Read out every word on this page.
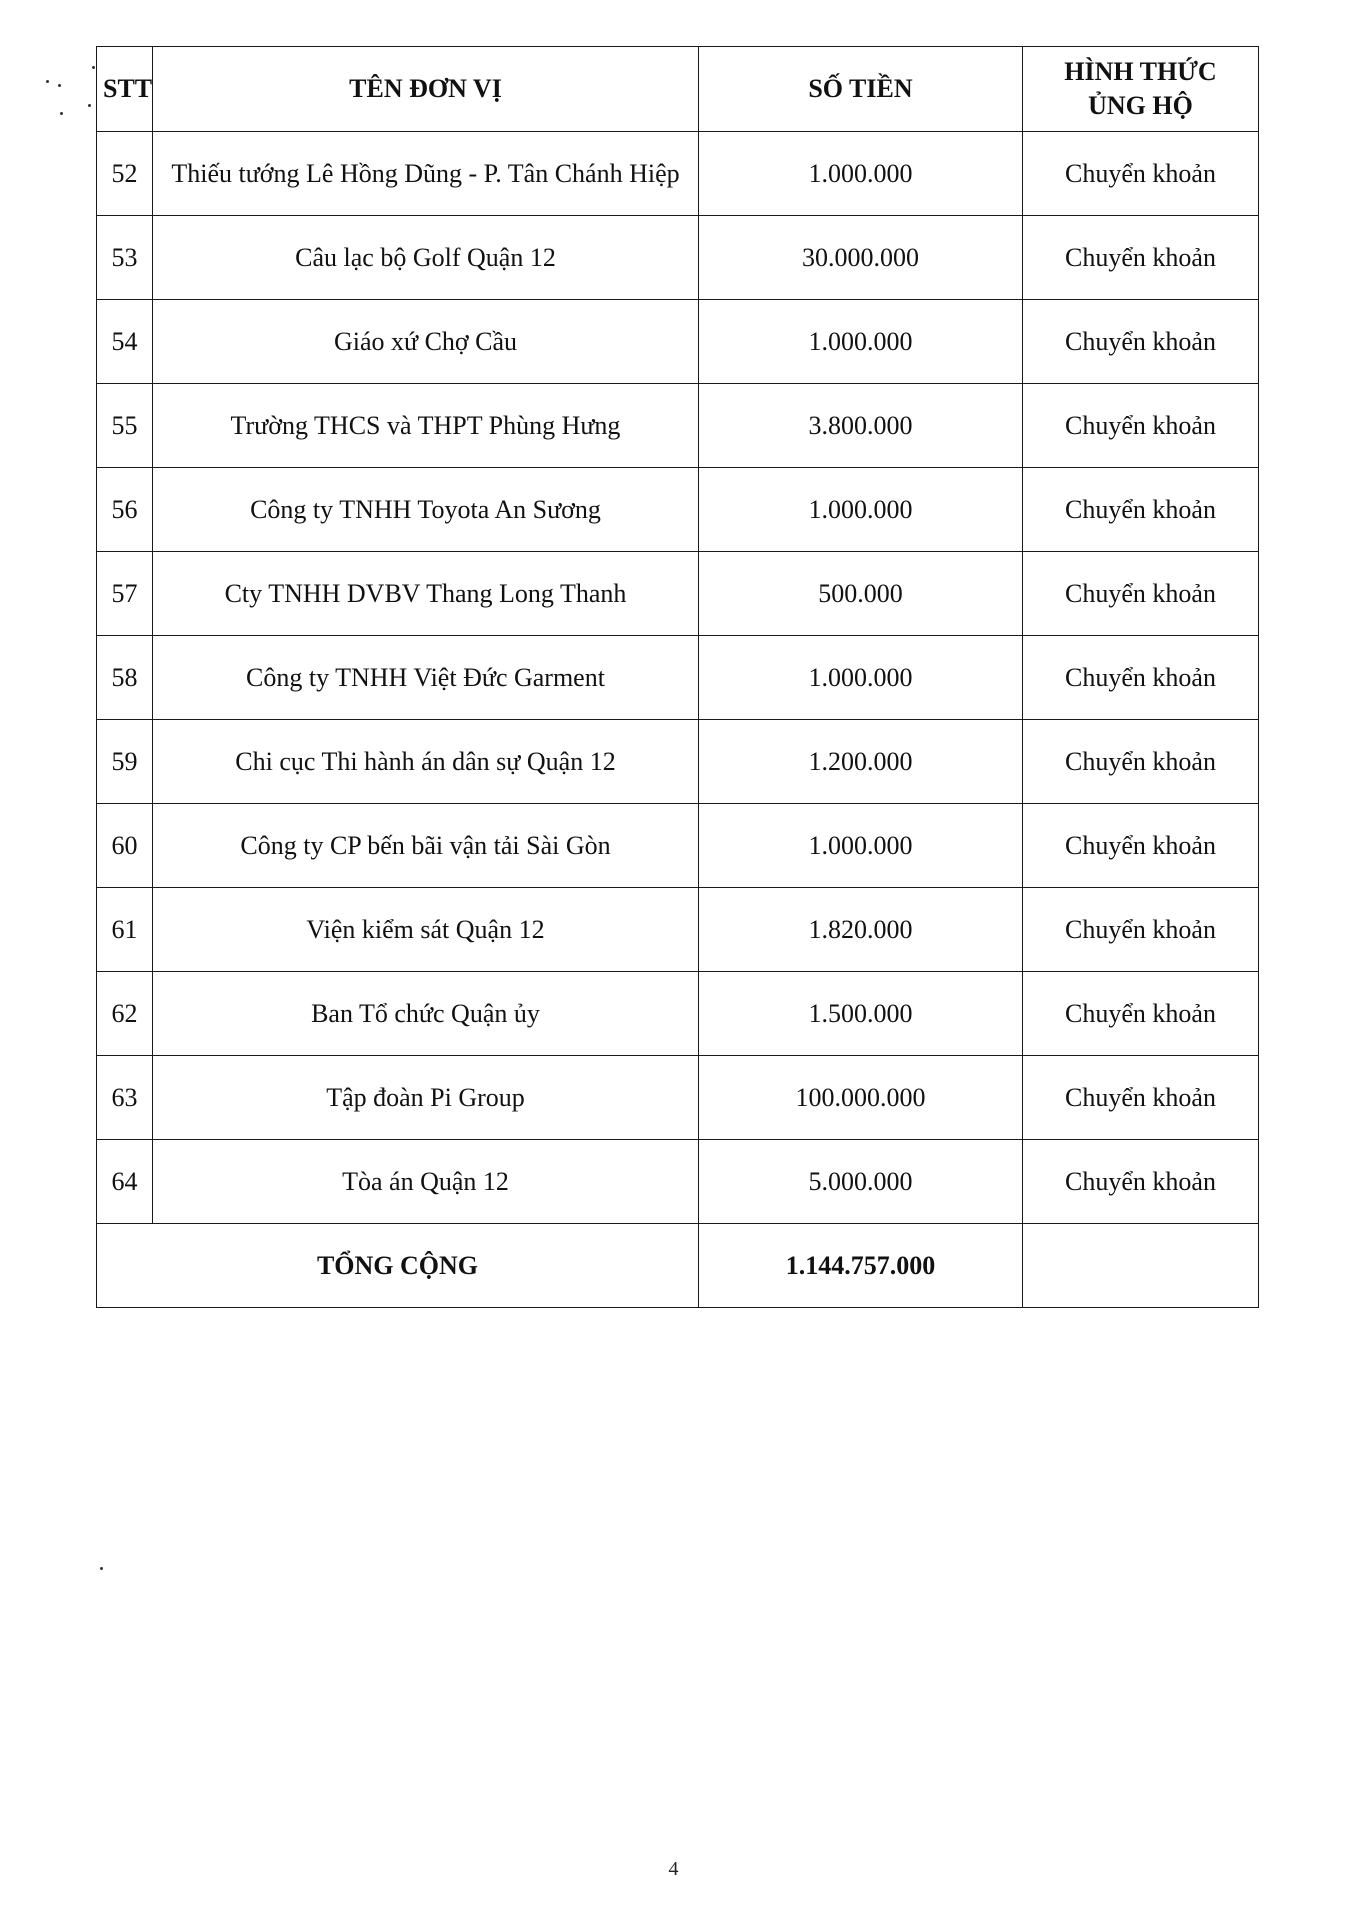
STT	TÊN ĐƠN VỊ	SỐ TIỀN	HÌNH THỨC
ỦNG HỘ
52	Thiếu tướng Lê Hồng Dũng - P. Tân Chánh Hiệp	1.000.000	Chuyển khoản
53	Câu lạc bộ Golf Quận 12	30.000.000	Chuyển khoản
54	Giáo xứ Chợ Cầu	1.000.000	Chuyển khoản
55	Trường THCS và THPT Phùng Hưng	3.800.000	Chuyển khoản
56	Công ty TNHH Toyota An Sương	1.000.000	Chuyển khoản
57	Cty TNHH DVBV Thang Long Thanh	500.000	Chuyển khoản
58	Công ty TNHH Việt Đức Garment	1.000.000	Chuyển khoản
59	Chi cục Thi hành án dân sự Quận 12	1.200.000	Chuyển khoản
60	Công ty CP bến bãi vận tải Sài Gòn	1.000.000	Chuyển khoản
61	Viện kiểm sát Quận 12	1.820.000	Chuyển khoản
62	Ban Tổ chức Quận ủy	1.500.000	Chuyển khoản
63	Tập đoàn Pi Group	100.000.000	Chuyển khoản
64	Tòa án Quận 12	5.000.000	Chuyển khoản
TỔNG CỘNG		1.144.757.000	
4
